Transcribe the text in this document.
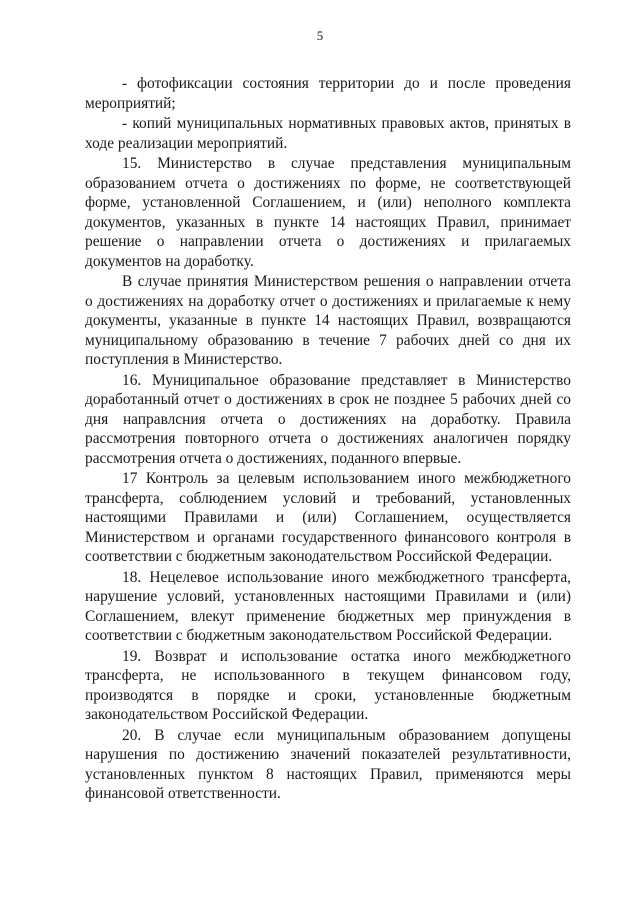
5

- фотофиксации состояния территории до и после проведения мероприятий;

- копий муниципальных нормативных правовых актов, принятых в ходе реализации мероприятий.

15. Министерство в случае представления муниципальным образованием отчета о достижениях по форме, не соответствующей форме, установленной Соглашением, и (или) неполного комплекта документов, указанных в пункте 14 настоящих Правил, принимает решение о направлении отчета о достижениях и прилагаемых документов на доработку.

В случае принятия Министерством решения о направлении отчета о достижениях на доработку отчет о достижениях и прилагаемые к нему документы, указанные в пункте 14 настоящих Правил, возвращаются муниципальному образованию в течение 7 рабочих дней со дня их поступления в Министерство.

16. Муниципальное образование представляет в Министерство доработанный отчет о достижениях в срок не позднее 5 рабочих дней со дня направлсния отчета о достижениях на доработку. Правила рассмотрения повторного отчета о достижениях аналогичен порядку рассмотрения отчета о достижениях, поданного впервые.

17 Контроль за целевым использованием иного межбюджетного трансферта, соблюдением условий и требований, установленных настоящими Правилами и (или) Соглашением, осуществляется Министерством и органами государственного финансового контроля в соответствии с бюджетным законодательством Российской Федерации.

18. Нецелевое использование иного межбюджетного трансферта, нарушение условий, установленных настоящими Правилами и (или) Соглашением, влекут применение бюджетных мер принуждения в соответствии с бюджетным законодательством Российской Федерации.

19. Возврат и использование остатка иного межбюджетного трансферта, не использованного в текущем финансовом году, производятся в порядке и сроки, установленные бюджетным законодательством Российской Федерации.

20. В случае если муниципальным образованием допущены нарушения по достижению значений показателей результативности, установленных пунктом 8 настоящих Правил, применяются меры финансовой ответственности.
